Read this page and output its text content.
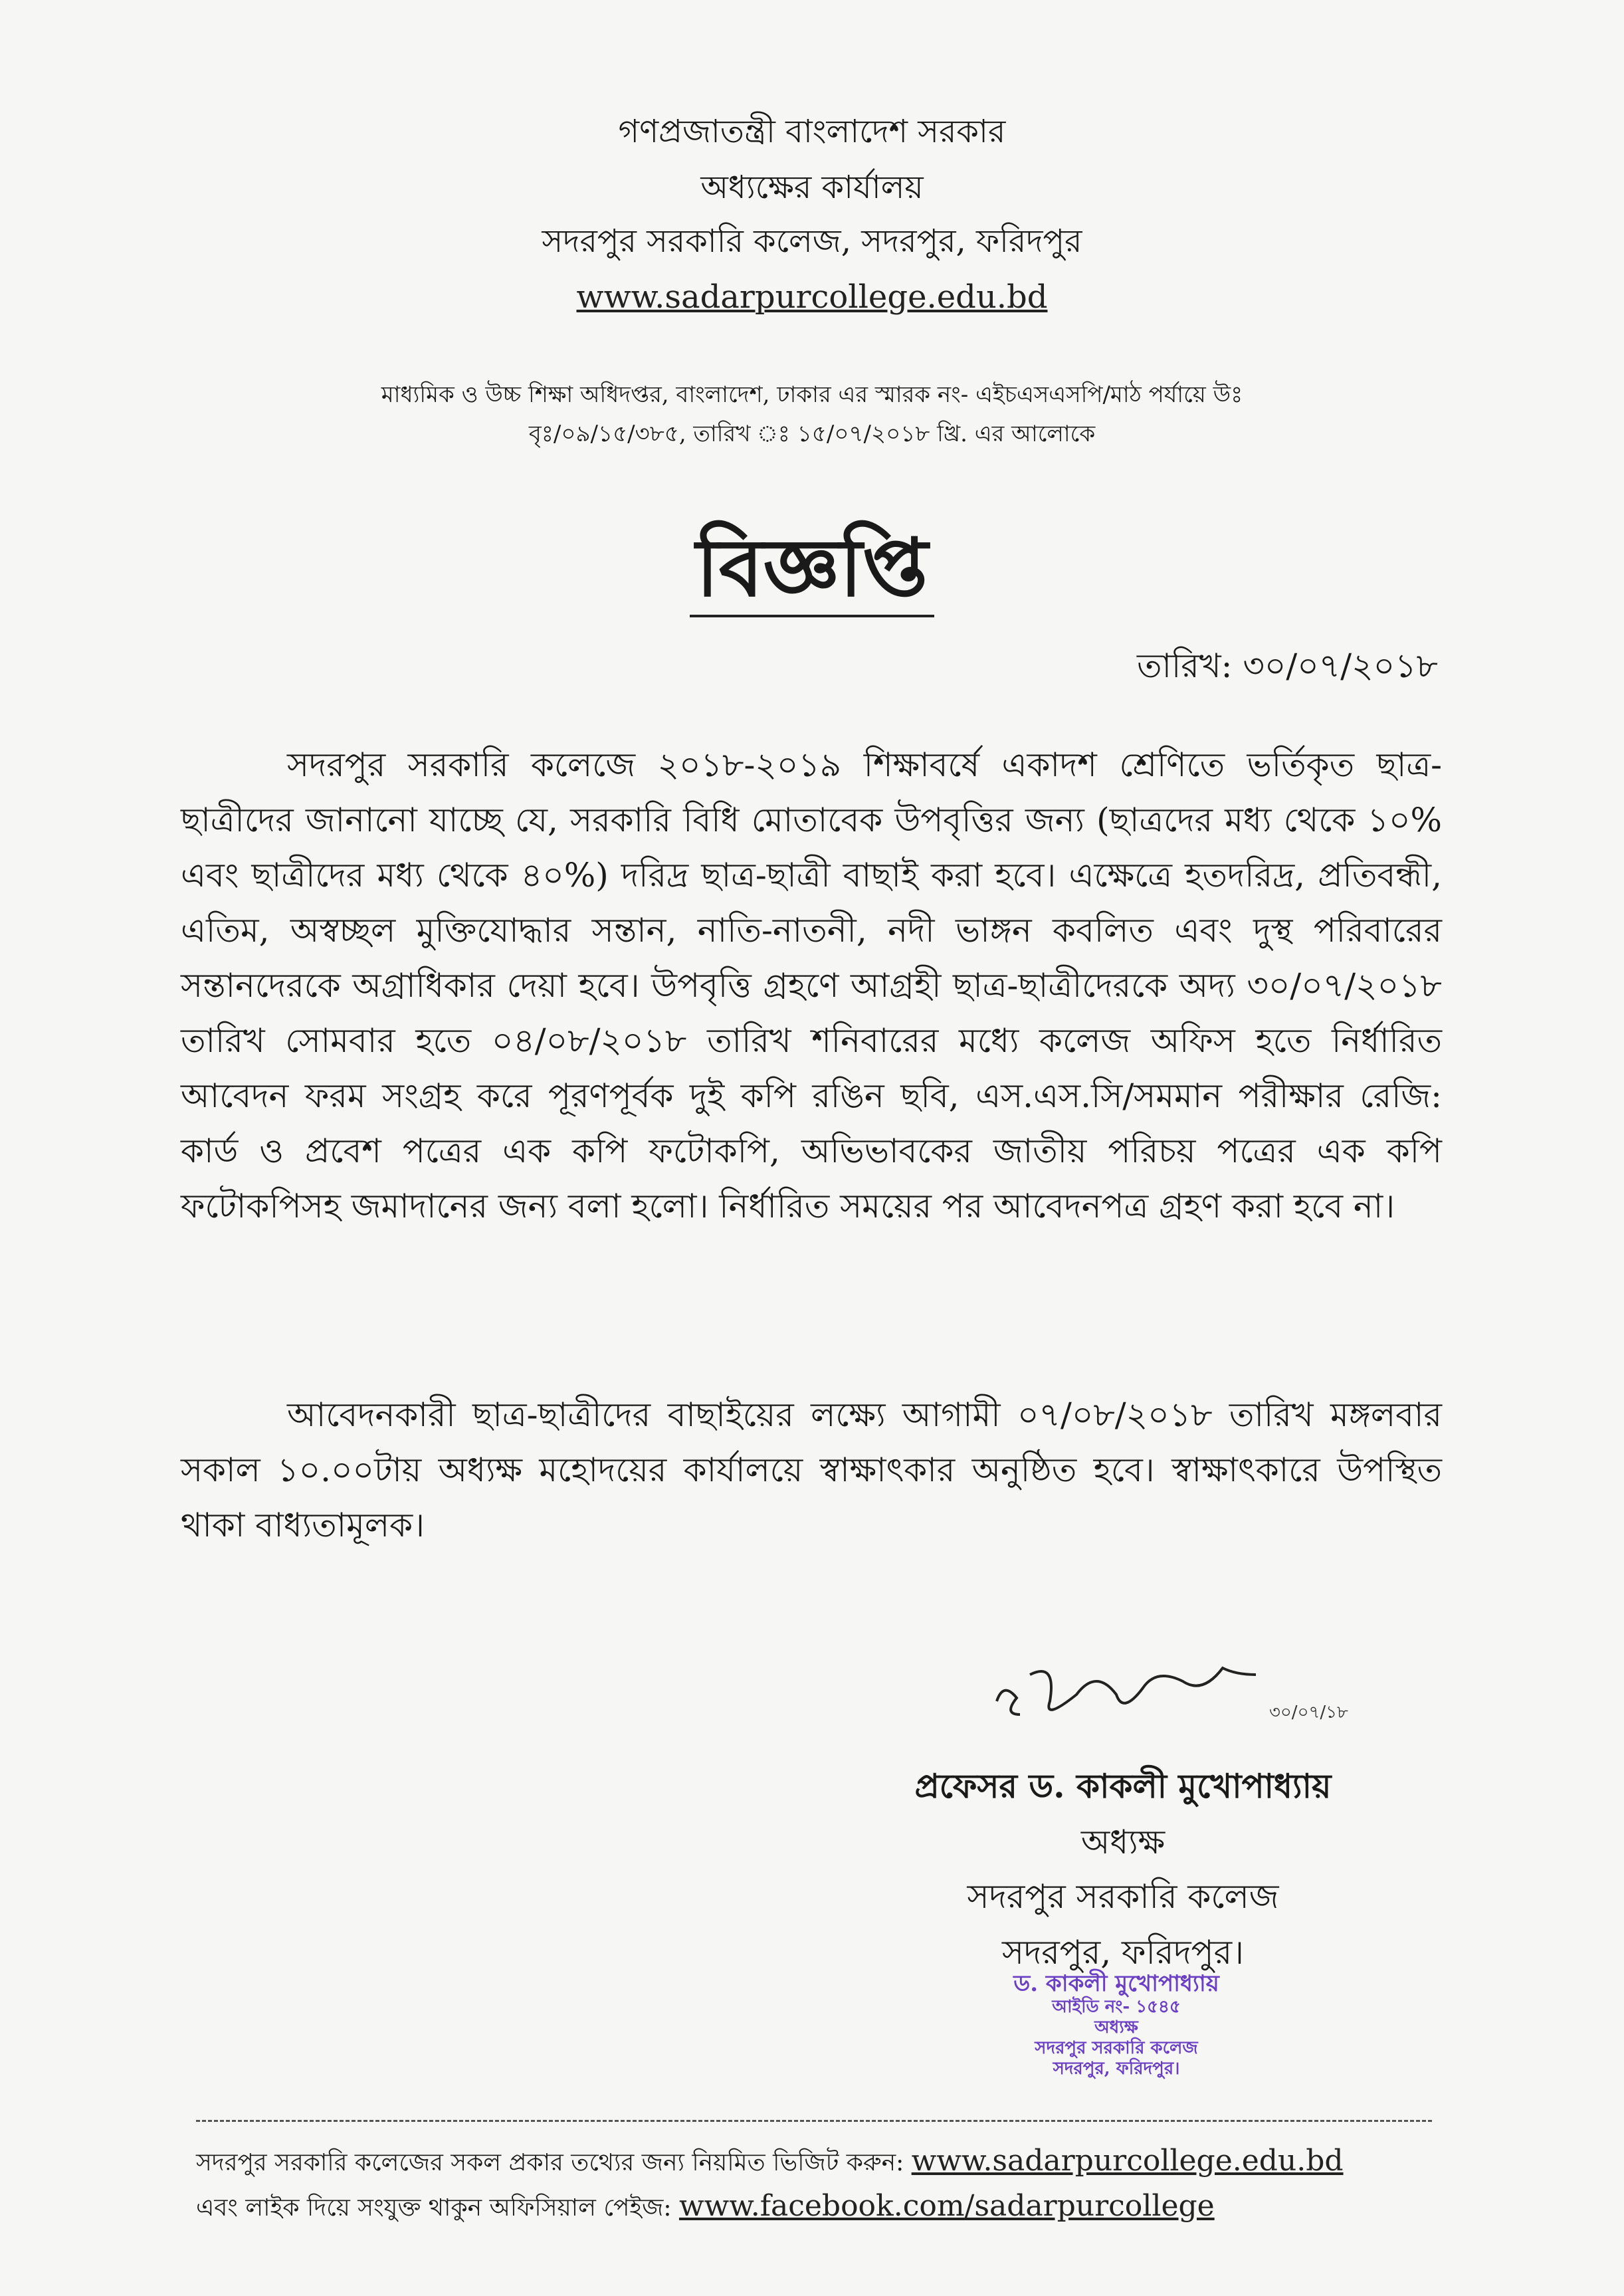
গণপ্রজাতন্ত্রী বাংলাদেশ সরকার
অধ্যক্ষের কার্যালয়
সদরপুর সরকারি কলেজ, সদরপুর, ফরিদপুর
www.sadarpurcollege.edu.bd
মাধ্যমিক ও উচ্চ শিক্ষা অধিদপ্তর, বাংলাদেশ, ঢাকার এর স্মারক নং- এইচএসএসপি/মাঠ পর্যায়ে উঃ
বৃঃ/০৯/১৫/৩৮৫, তারিখ ঃ ১৫/০৭/২০১৮ খ্রি. এর আলোকে
বিজ্ঞপ্তি
তারিখ: ৩০/০৭/২০১৮

সদরপুর সরকারি কলেজে ২০১৮-২০১৯ শিক্ষাবর্ষে একাদশ শ্রেণিতে ভর্তিকৃত ছাত্র-ছাত্রীদের জানানো যাচ্ছে যে, সরকারি বিধি মোতাবেক উপবৃত্তির জন্য (ছাত্রদের মধ্য থেকে ১০% এবং ছাত্রীদের মধ্য থেকে ৪০%) দরিদ্র ছাত্র-ছাত্রী বাছাই করা হবে। এক্ষেত্রে হতদরিদ্র, প্রতিবন্ধী, এতিম, অস্বচ্ছল মুক্তিযোদ্ধার সন্তান, নাতি-নাতনী, নদী ভাঙ্গন কবলিত এবং দুস্থ পরিবারের সন্তানদেরকে অগ্রাধিকার দেয়া হবে। উপবৃত্তি গ্রহণে আগ্রহী ছাত্র-ছাত্রীদেরকে অদ্য ৩০/০৭/২০১৮ তারিখ সোমবার হতে ০৪/০৮/২০১৮ তারিখ শনিবারের মধ্যে কলেজ অফিস হতে নির্ধারিত আবেদন ফরম সংগ্রহ করে পূরণপূর্বক দুই কপি রঙিন ছবি, এস.এস.সি/সমমান পরীক্ষার রেজি: কার্ড ও প্রবেশ পত্রের এক কপি ফটোকপি, অভিভাবকের জাতীয় পরিচয় পত্রের এক কপি ফটোকপিসহ জমাদানের জন্য বলা হলো। নির্ধারিত সময়ের পর আবেদনপত্র গ্রহণ করা হবে না।

আবেদনকারী ছাত্র-ছাত্রীদের বাছাইয়ের লক্ষ্যে আগামী ০৭/০৮/২০১৮ তারিখ মঙ্গলবার সকাল ১০.০০টায় অধ্যক্ষ মহোদয়ের কার্যালয়ে স্বাক্ষাৎকার অনুষ্ঠিত হবে। স্বাক্ষাৎকারে উপস্থিত থাকা বাধ্যতামূলক।

৩০/০৭/১৮
প্রফেসর ড. কাকলী মুখোপাধ্যায়
অধ্যক্ষ
সদরপুর সরকারি কলেজ
সদরপুর, ফরিদপুর।
ড. কাকলী মুখোপাধ্যায়
আইডি নং- ১৫৪৫
অধ্যক্ষ
সদরপুর সরকারি কলেজ
সদরপুর, ফরিদপুর।
সদরপুর সরকারি কলেজের সকল প্রকার তথ্যের জন্য নিয়মিত ভিজিট করুন: www.sadarpurcollege.edu.bd
এবং লাইক দিয়ে সংযুক্ত থাকুন অফিসিয়াল পেইজ: www.facebook.com/sadarpurcollege
